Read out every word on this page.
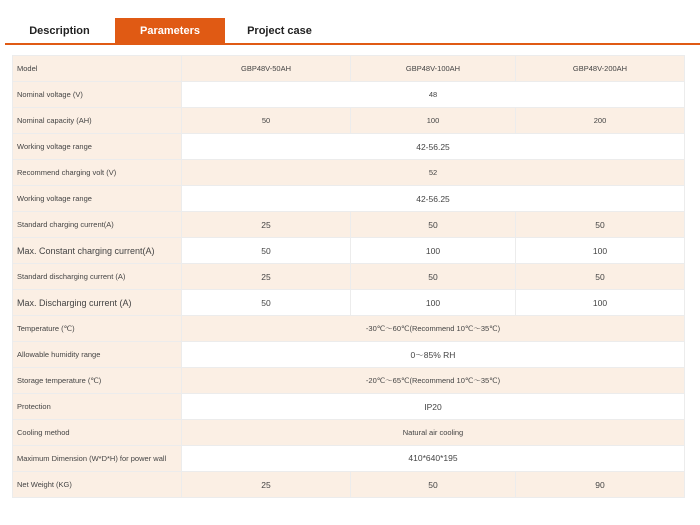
Description	Parameters	Project case
Model	GBP48V-50AH	GBP48V-100AH	GBP48V-200AH
Nominal voltage (V)	48		
Nominal capacity (AH)	50	100	200
Working voltage range	42-56.25		
Recommend charging volt (V)	52		
Working voltage range	42-56.25		
Standard charging current(A)	25	50	50
Max. Constant charging current(A)	50	100	100
Standard discharging current (A)	25	50	50
Max. Discharging current (A)	50	100	100
Temperature (℃)	-30℃～60℃(Recommend 10℃～35℃)		
Allowable humidity range	0～85% RH		
Storage temperature (℃)	-20℃～65℃(Recommend 10℃～35℃)		
Protection	IP20		
Cooling method	Natural air cooling		
Maximum Dimension (W*D*H) for power wall	410*640*195		
Net Weight (KG)	25	50	90
